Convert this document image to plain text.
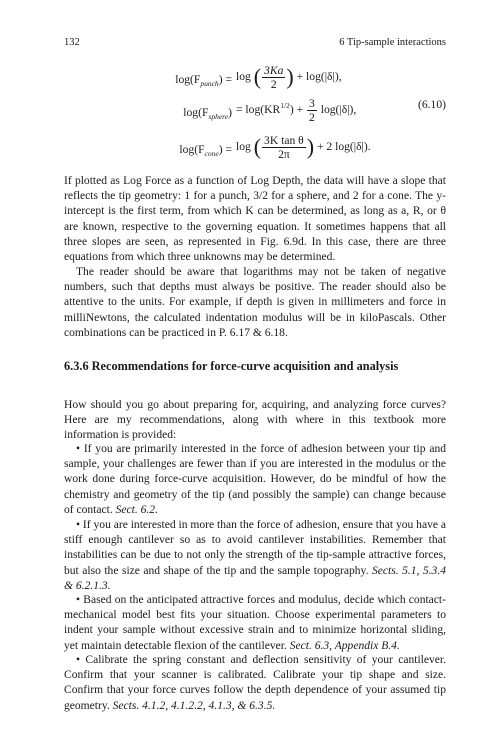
132	6 Tip-sample interactions
$\log(F_{punch}) = \log$ ( $\frac{3Ka}{2}$ ) + log(|δ|),
$\log(F_{sphere}) = \log(KR^{1/2}) + \frac{3}{2} \log(|\delta|)$,	(6.10)
$\log(F_{cone}) = \log$ ( $\frac{\text{3K tan θ}}{2\pi}$ ) + 2 log(|δ|).

If plotted as Log Force as a function of Log Depth, the data will have a slope that reflects the tip geometry: 1 for a punch, 3/2 for a sphere, and 2 for a cone. The y-intercept is the first term, from which K can be determined, as long as a, R, or θ are known, respective to the governing equation. It sometimes happens that all three slopes are seen, as represented in Fig. 6.9d. In this case, there are three equations from which three unknowns may be determined.

The reader should be aware that logarithms may not be taken of negative numbers, such that depths must always be positive. The reader should also be attentive to the units. For example, if depth is given in millimeters and force in milliNewtons, the calculated indentation modulus will be in kiloPascals. Other combinations can be practiced in P. 6.17 & 6.18.

6.3.6 Recommendations for force-curve acquisition and analysis

How should you go about preparing for, acquiring, and analyzing force curves? Here are my recommendations, along with where in this textbook more information is provided:

• If you are primarily interested in the force of adhesion between your tip and sample, your challenges are fewer than if you are interested in the modulus or the work done during force-curve acquisition. However, do be mindful of how the chemistry and geometry of the tip (and possibly the sample) can change because of contact. Sect. 6.2.

• If you are interested in more than the force of adhesion, ensure that you have a stiff enough cantilever so as to avoid cantilever instabilities. Remember that instabilities can be due to not only the strength of the tip-sample attractive forces, but also the size and shape of the tip and the sample topography. Sects. 5.1, 5.3.4 & 6.2.1.3.

• Based on the anticipated attractive forces and modulus, decide which contact-mechanical model best fits your situation. Choose experimental parameters to indent your sample without excessive strain and to minimize horizontal sliding, yet maintain detectable flexion of the cantilever. Sect. 6.3, Appendix B.4.

• Calibrate the spring constant and deflection sensitivity of your cantilever. Confirm that your scanner is calibrated. Calibrate your tip shape and size. Confirm that your force curves follow the depth dependence of your assumed tip geometry. Sects. 4.1.2, 4.1.2.2, 4.1.3, & 6.3.5.
